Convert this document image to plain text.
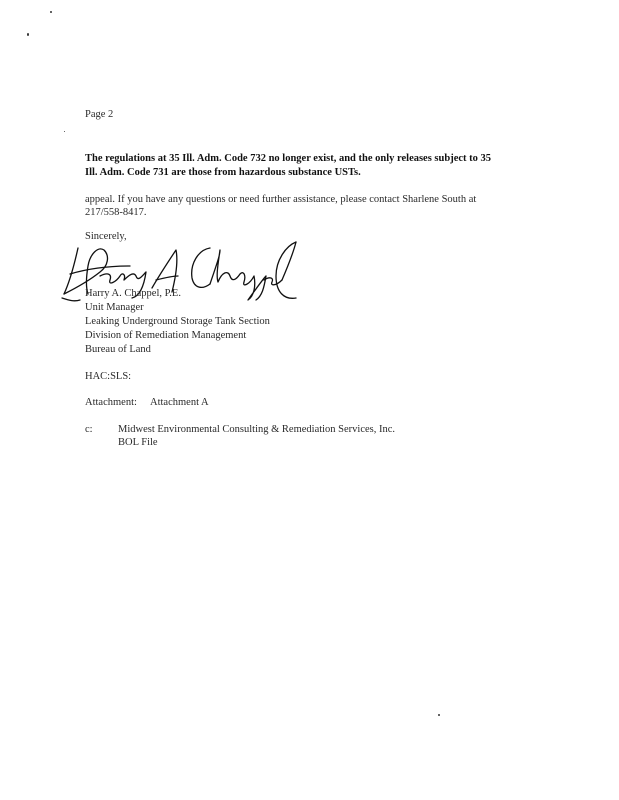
Page 2
The regulations at 35 Ill. Adm. Code 732 no longer exist, and the only releases subject to 35
Ill. Adm. Code 731 are those from hazardous substance USTs.
appeal. If you have any questions or need further assistance, please contact Sharlene South at
217/558-8417.
Sincerely,
Harry A. Chappel, P.E.
Unit Manager
Leaking Underground Storage Tank Section
Division of Remediation Management
Bureau of Land
HAC:SLS:
Attachment: Attachment A
c: Midwest Environmental Consulting & Remediation Services, Inc.
BOL File
